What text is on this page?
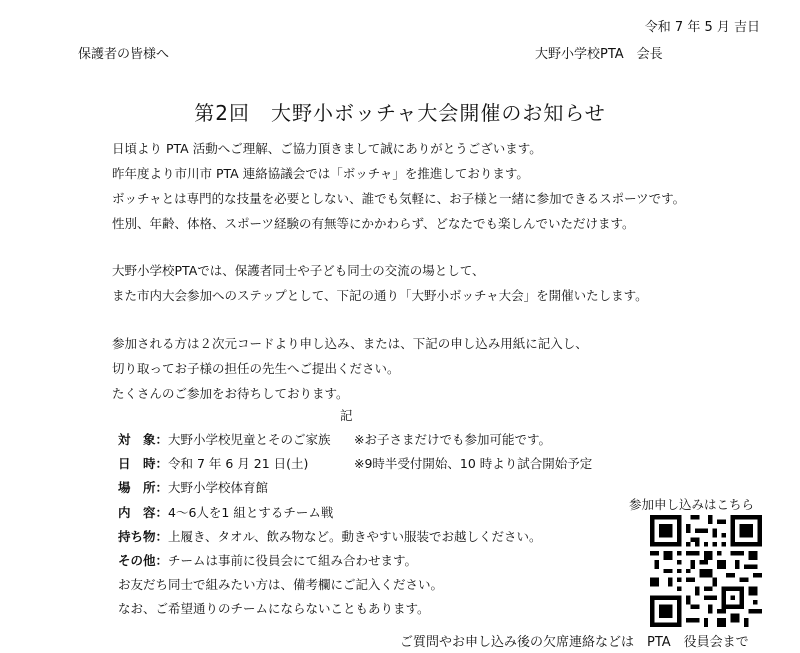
令和 7 年 5 月 吉日
保護者の皆様へ	大野小学校PTA　会長
第2回　大野小ボッチャ大会開催のお知らせ
日頃より PTA 活動へご理解、ご協力頂きまして誠にありがとうございます。
昨年度より市川市 PTA 連絡協議会では「ボッチャ」を推進しております。
ボッチャとは専門的な技量を必要としない、誰でも気軽に、お子様と一緒に参加できるスポーツです。
性別、年齢、体格、スポーツ経験の有無等にかかわらず、どなたでも楽しんでいただけます。
大野小学校PTAでは、保護者同士や子ども同士の交流の場として、
また市内大会参加へのステップとして、下記の通り「大野小ボッチャ大会」を開催いたします。
参加される方は２次元コードより申し込み、または、下記の申し込み用紙に記入し、
切り取ってお子様の担任の先生へご提出ください。
たくさんのご参加をお待ちしております。
記
対　象： 大野小学校児童とそのご家族 ※お子さまだけでも参加可能です。
日　時： 令和 7 年 6 月 21 日(土)	※9時半受付開始、10 時より試合開始予定
場　所： 大野小学校体育館
内　容： 4～6人を1 組とするチーム戦
持ち物： 上履き、タオル、飲み物など。動きやすい服装でお越しください。
その他： チームは事前に役員会にて組み合わせます。
お友だち同士で組みたい方は、備考欄にご記入ください。
なお、ご希望通りのチームにならないこともあります。
参加申し込みはこちら
ご質問やお申し込み後の欠席連絡などは　PTA　役員会まで
